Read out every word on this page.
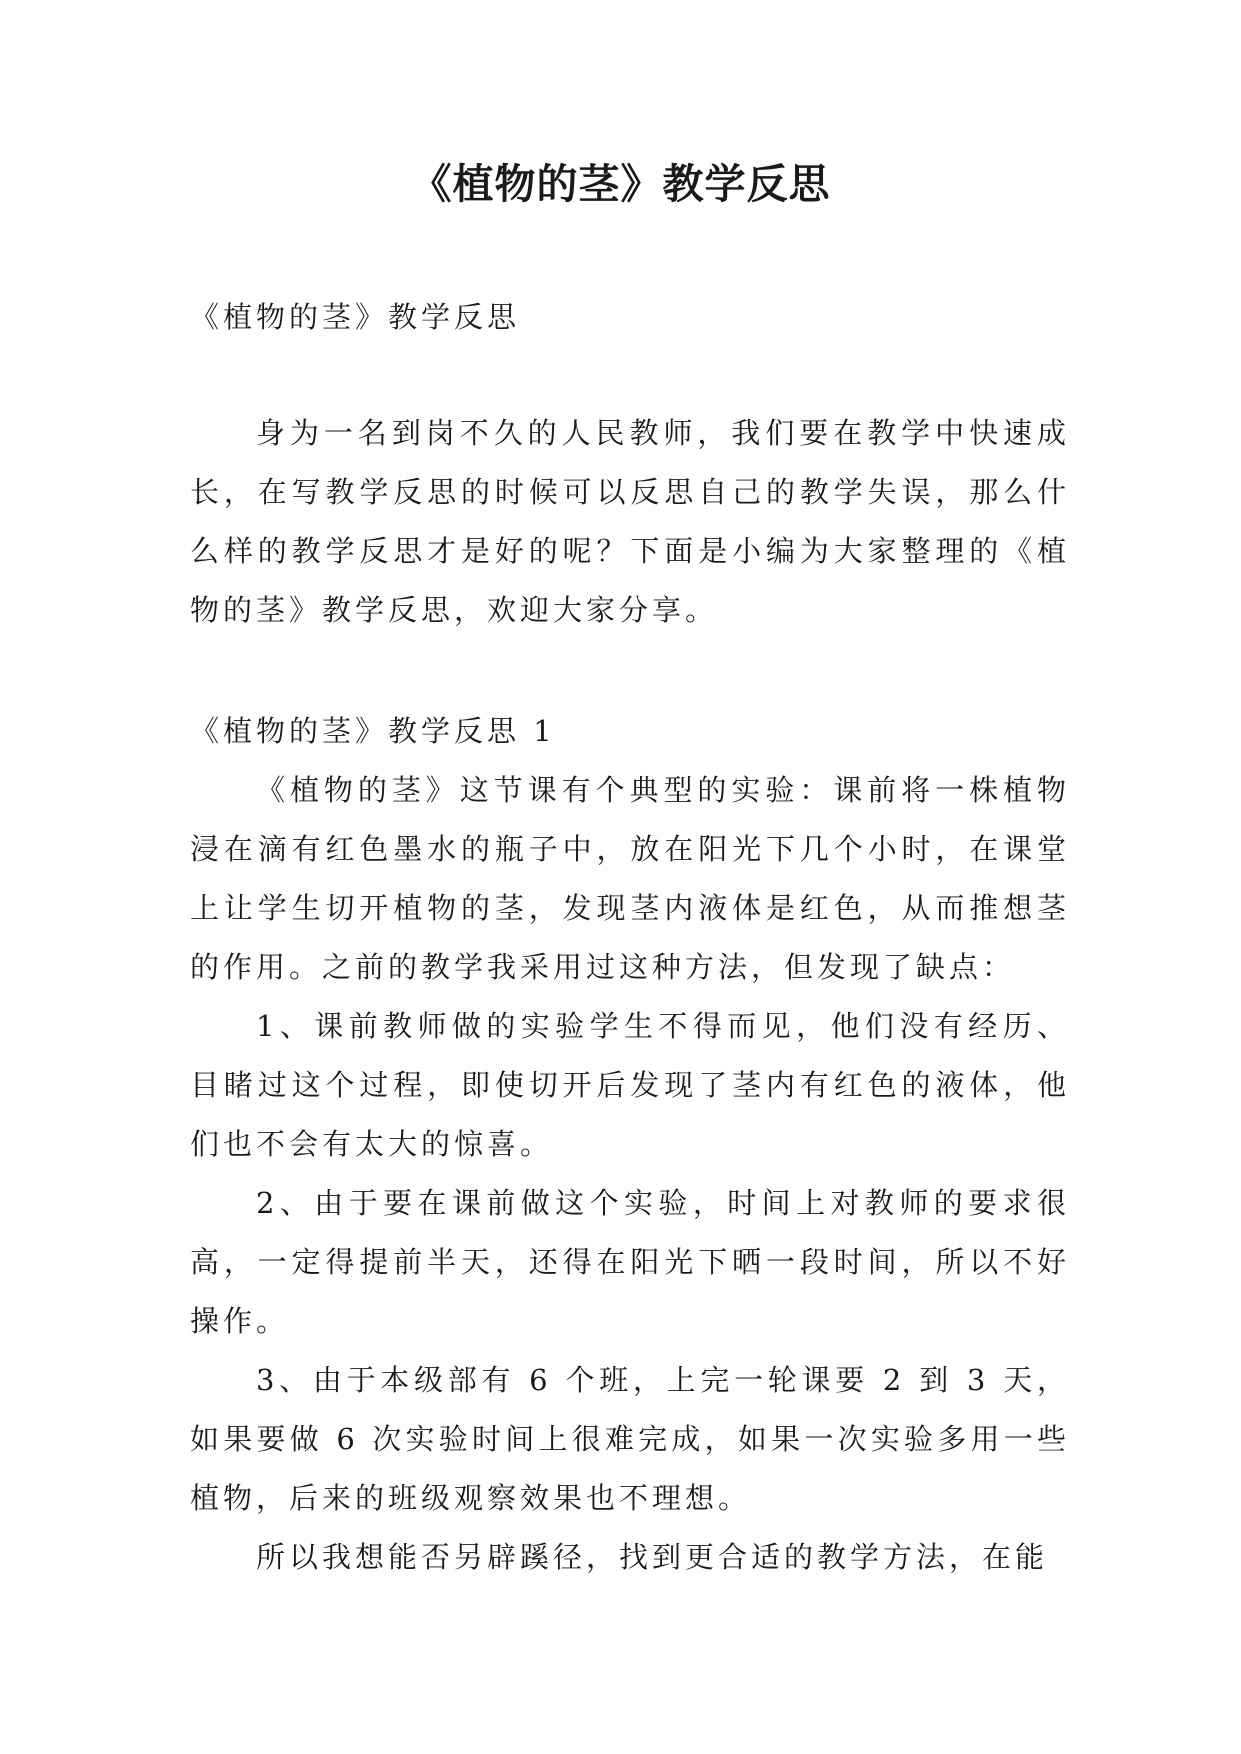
《植物的茎》教学反思

《植物的茎》教学反思

身为一名到岗不久的人民教师，我们要在教学中快速成长，在写教学反思的时候可以反思自己的教学失误，那么什么样的教学反思才是好的呢？下面是小编为大家整理的《植物的茎》教学反思，欢迎大家分享。

《植物的茎》教学反思 1

《植物的茎》这节课有个典型的实验：课前将一株植物浸在滴有红色墨水的瓶子中，放在阳光下几个小时，在课堂上让学生切开植物的茎，发现茎内液体是红色，从而推想茎的作用。之前的教学我采用过这种方法，但发现了缺点：

1、课前教师做的实验学生不得而见，他们没有经历、目睹过这个过程，即使切开后发现了茎内有红色的液体，他们也不会有太大的惊喜。

2、由于要在课前做这个实验，时间上对教师的要求很高，一定得提前半天，还得在阳光下晒一段时间，所以不好操作。

3、由于本级部有 6 个班，上完一轮课要 2 到 3 天，如果要做 6 次实验时间上很难完成，如果一次实验多用一些植物，后来的班级观察效果也不理想。

所以我想能否另辟蹊径，找到更合适的教学方法，在能
